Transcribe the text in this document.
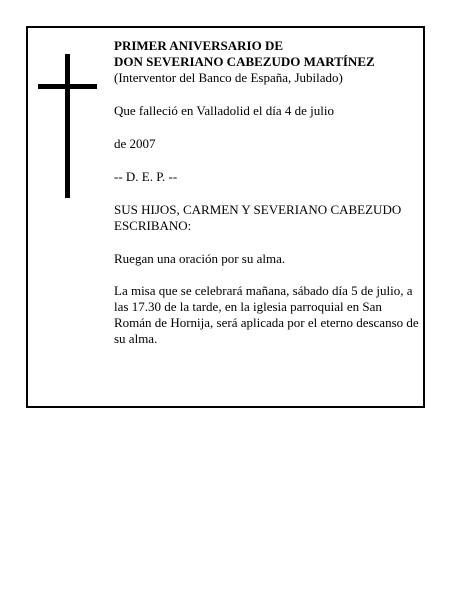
PRIMER ANIVERSARIO DE

DON SEVERIANO CABEZUDO MARTÍNEZ

(Interventor del Banco de España, Jubilado)

Que falleció en Valladolid el día 4 de julio

de 2007

-- D. E. P. --

SUS HIJOS, CARMEN Y SEVERIANO CABEZUDO ESCRIBANO:

Ruegan una oración por su alma.

La misa que se celebrará mañana, sábado día 5 de julio, a las 17.30 de la tarde, en la iglesia parroquial en San Román de Hornija, será aplicada por el eterno descanso de su alma.
